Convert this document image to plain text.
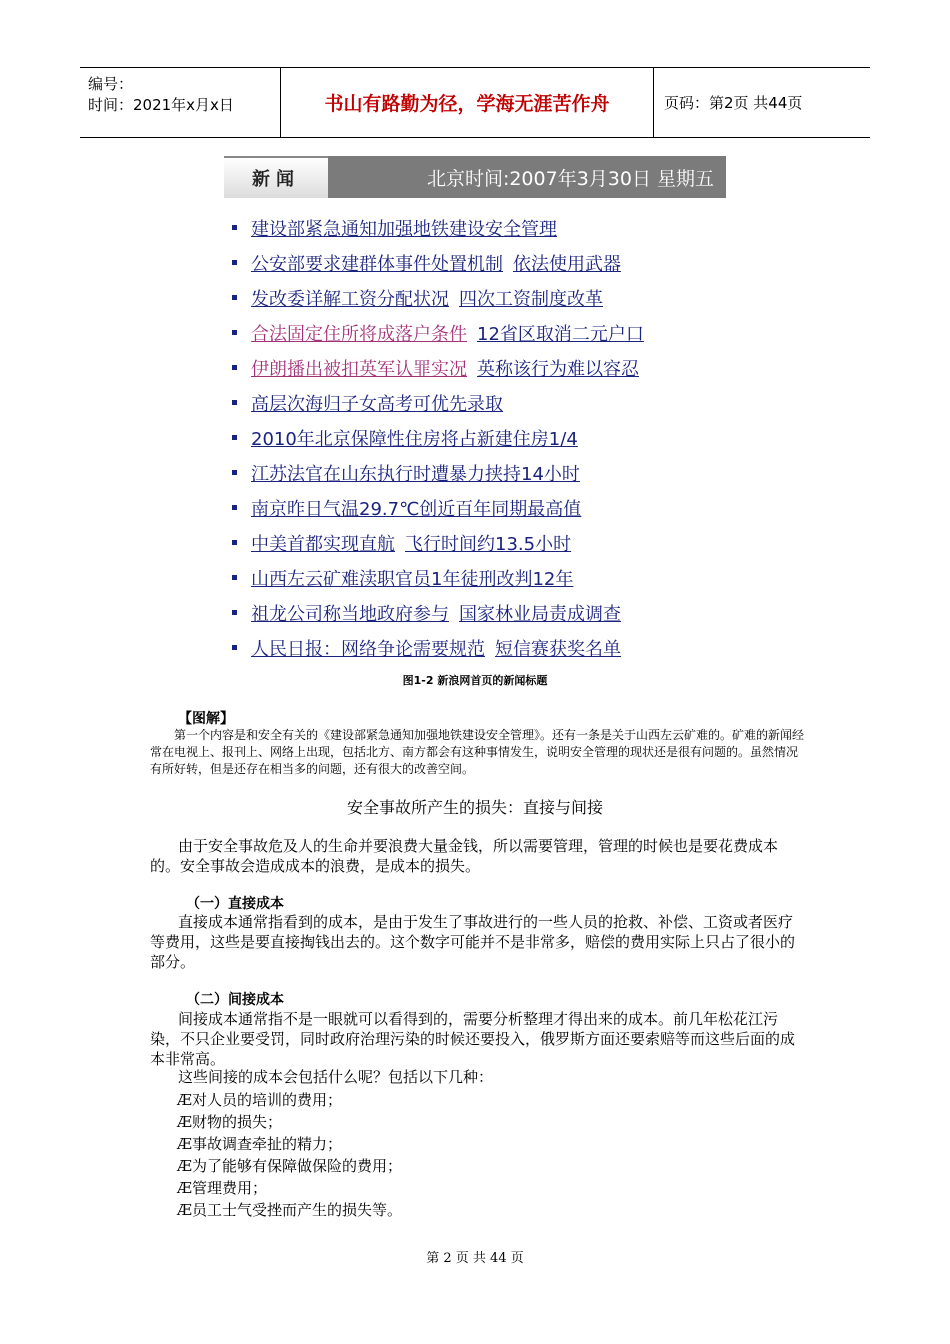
编号：
时间：2021年x月x日	书山有路勤为径，学海无涯苦作舟	页码：第2页 共44页
新闻	北京时间:2007年3月30日 星期五
建设部紧急通知加强地铁建设安全管理
公安部要求建群体事件处置机制 依法使用武器
发改委详解工资分配状况 四次工资制度改革
合法固定住所将成落户条件 12省区取消二元户口
伊朗播出被扣英军认罪实况 英称该行为难以容忍
高层次海归子女高考可优先录取
2010年北京保障性住房将占新建住房1/4
江苏法官在山东执行时遭暴力挟持14小时
南京昨日气温29.7℃创近百年同期最高值
中美首都实现直航 飞行时间约13.5小时
山西左云矿难渎职官员1年徒刑改判12年
祖龙公司称当地政府参与 国家林业局责成调查
人民日报：网络争论需要规范 短信赛获奖名单
图1-2 新浪网首页的新闻标题
【图解】

第一个内容是和安全有关的《建设部紧急通知加强地铁建设安全管理》。还有一条是关于山西左云矿难的。矿难的新闻经常在电视上、报刊上、网络上出现，包括北方、南方都会有这种事情发生，说明安全管理的现状还是很有问题的。虽然情况有所好转，但是还存在相当多的问题，还有很大的改善空间。

安全事故所产生的损失：直接与间接

由于安全事故危及人的生命并要浪费大量金钱，所以需要管理，管理的时候也是要花费成本的。安全事故会造成成本的浪费，是成本的损失。

（一）直接成本

直接成本通常指看到的成本，是由于发生了事故进行的一些人员的抢救、补偿、工资或者医疗等费用，这些是要直接掏钱出去的。这个数字可能并不是非常多，赔偿的费用实际上只占了很小的部分。

（二）间接成本

间接成本通常指不是一眼就可以看得到的，需要分析整理才得出来的成本。前几年松花江污染，不只企业要受罚，同时政府治理污染的时候还要投入，俄罗斯方面还要索赔等而这些后面的成本非常高。

这些间接的成本会包括什么呢？包括以下几种：

Æ对人员的培训的费用；
Æ财物的损失；
Æ事故调查牵扯的精力；
Æ为了能够有保障做保险的费用；
Æ管理费用；
Æ员工士气受挫而产生的损失等。
第 2 页 共 44 页
